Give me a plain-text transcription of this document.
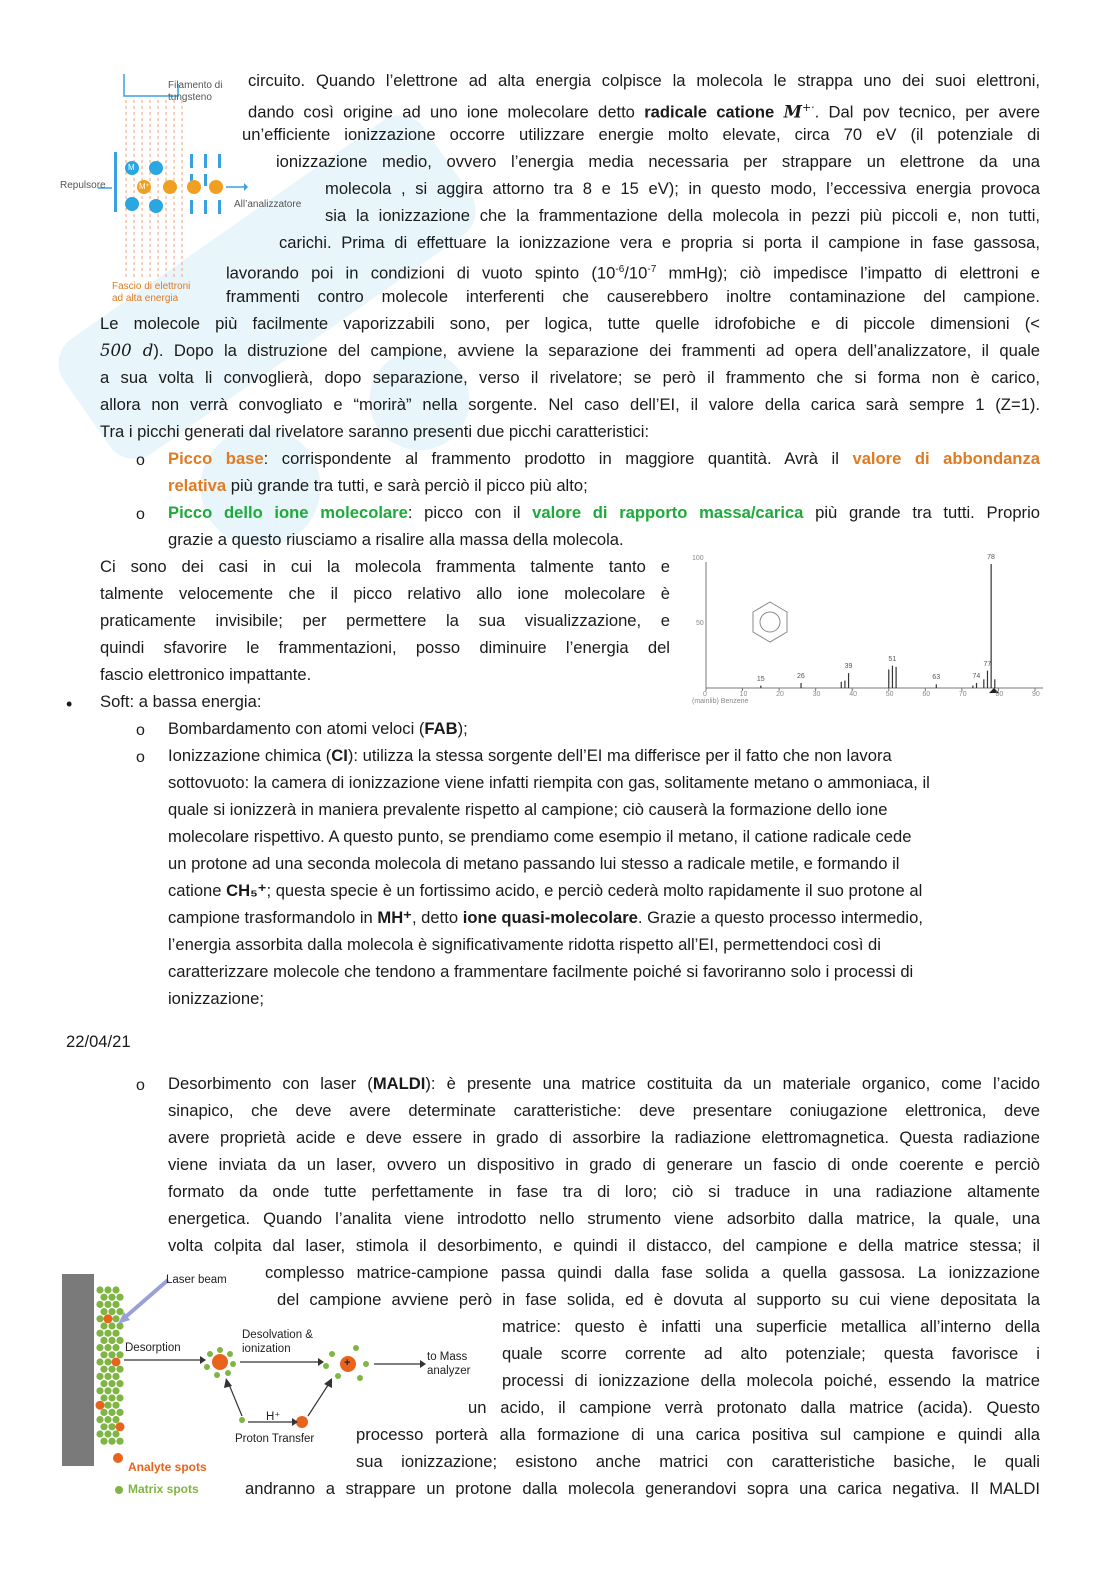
Filamento di
tungsteno
Repulsore
All’analizzatore
Fascio di elettroni
ad alta energia
M
M⁺
circuito. Quando l’elettrone ad alta energia colpisce la molecola le strappa uno dei suoi elettroni,
dando così origine ad uno ione molecolare detto radicale catione M+·. Dal pov tecnico, per avere
un’efficiente ionizzazione occorre utilizzare energie molto elevate, circa 70 eV (il potenziale di
ionizzazione medio, ovvero l’energia media necessaria per strappare un elettrone da una
molecola , si aggira attorno tra 8 e 15 eV); in questo modo, l’eccessiva energia provoca
sia la ionizzazione che la frammentazione della molecola in pezzi più piccoli e, non tutti,
carichi. Prima di effettuare la ionizzazione vera e propria si porta il campione in fase gassosa,
lavorando poi in condizioni di vuoto spinto ($10^{-6}/10^{-7}$ mmHg); ciò impedisce l’impatto di elettroni e
frammenti contro molecole interferenti che causerebbero inoltre contaminazione del campione.
Le molecole più facilmente vaporizzabili sono, per logica, tutte quelle idrofobiche e di piccole dimensioni (<
500 d). Dopo la distruzione del campione, avviene la separazione dei frammenti ad opera dell’analizzatore, il quale
a sua volta li convoglierà, dopo separazione, verso il rivelatore; se però il frammento che si forma non è carico,
allora non verrà convogliato e “morirà” nella sorgente. Nel caso dell’EI, il valore della carica sarà sempre 1 (Z=1).
Tra i picchi generati dal rivelatore saranno presenti due picchi caratteristici:
o Picco base: corrispondente al frammento prodotto in maggiore quantità. Avrà il valore di abbondanza
relativa più grande tra tutti, e sarà perciò il picco più alto;
o Picco dello ione molecolare: picco con il valore di rapporto massa/carica più grande tra tutti. Proprio
grazie a questo riusciamo a risalire alla massa della molecola.
Ci sono dei casi in cui la molecola frammenta talmente tanto e
talmente velocemente che il picco relativo allo ione molecolare è
praticamente invisibile; per permettere la sua visualizzazione, e
quindi sfavorire le frammentazioni, posso diminuire l’energia del
fascio elettronico impattante.
100
50
(mainlib) Benzene
0	10	20	30	40	50	60	70	80	90
15	26
39
51
63	74
77
78
• Soft: a bassa energia:
o Bombardamento con atomi veloci (FAB);
o Ionizzazione chimica (CI): utilizza la stessa sorgente dell’EI ma differisce per il fatto che non lavora
sottovuoto: la camera di ionizzazione viene infatti riempita con gas, solitamente metano o ammoniaca, il
quale si ionizzerà in maniera prevalente rispetto al campione; ciò causerà la formazione dello ione
molecolare rispettivo. A questo punto, se prendiamo come esempio il metano, il catione radicale cede
un protone ad una seconda molecola di metano passando lui stesso a radicale metile, e formando il
catione CH₅⁺; questa specie è un fortissimo acido, e perciò cederà molto rapidamente il suo protone al
campione trasformandolo in MH⁺, detto ione quasi-molecolare. Grazie a questo processo intermedio,
l’energia assorbita dalla molecola è significativamente ridotta rispetto all’EI, permettendoci così di
caratterizzare molecole che tendono a frammentare facilmente poiché si favoriranno solo i processi di
ionizzazione;
22/04/21
o Desorbimento con laser (MALDI): è presente una matrice costituita da un materiale organico, come l’acido
sinapico, che deve avere determinate caratteristiche: deve presentare coniugazione elettronica, deve
avere proprietà acide e deve essere in grado di assorbire la radiazione elettromagnetica. Questa radiazione
viene inviata da un laser, ovvero un dispositivo in grado di generare un fascio di onde coerente e perciò
formato da onde tutte perfettamente in fase tra di loro; ciò si traduce in una radiazione altamente
energetica. Quando l’analita viene introdotto nello strumento viene adsorbito dalla matrice, la quale, una
volta colpita dal laser, stimola il desorbimento, e quindi il distacco, del campione e della matrice stessa; il
complesso matrice-campione passa quindi dalla fase solida a quella gassosa. La ionizzazione
del campione avviene però in fase solida, ed è dovuta al supporto su cui viene depositata la
matrice: questo è infatti una superficie metallica all’interno della
quale scorre corrente ad alto potenziale; questa favorisce i
processi di ionizzazione della molecola poiché, essendo la matrice
un acido, il campione verrà protonato dalla matrice (acida). Questo
processo porterà alla formazione di una carica positiva sul campione e quindi alla
sua ionizzazione; esistono anche matrici con caratteristiche basiche, le quali
andranno a strappare un protone dalla molecola generandovi sopra una carica negativa. Il MALDI
Target plate
Laser beam
Desorption
Desolvation &
ionization
to Mass
analyzer
+
H⁺
Proton Transfer
Analyte spots
Matrix spots
